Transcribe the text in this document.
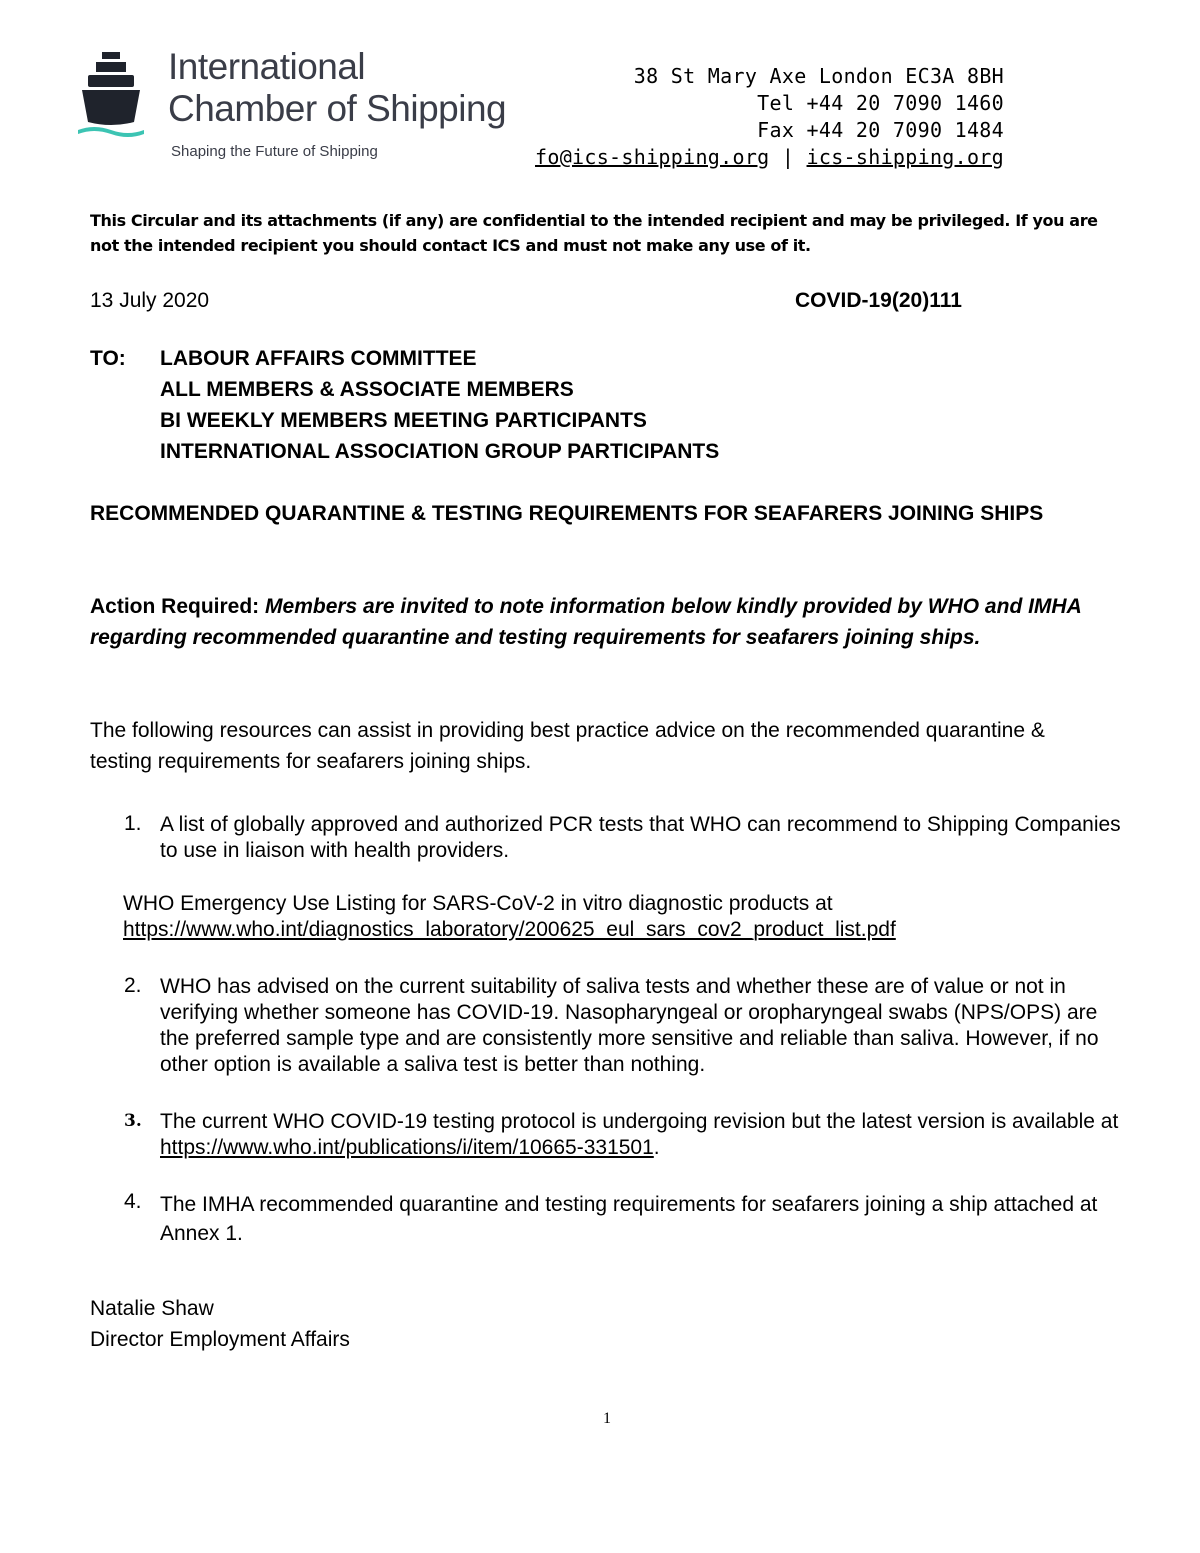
International
Chamber of Shipping
Shaping the Future of Shipping
38 St Mary Axe London EC3A 8BH
Tel +44 20 7090 1460
Fax +44 20 7090 1484
fo@ics-shipping.org | ics-shipping.org
This Circular and its attachments (if any) are confidential to the intended recipient and may be privileged. If you are not the intended recipient you should contact ICS and must not make any use of it.
13 July 2020	COVID-19(20)111
TO: LABOUR AFFAIRS COMMITTEE
ALL MEMBERS & ASSOCIATE MEMBERS
BI WEEKLY MEMBERS MEETING PARTICIPANTS
INTERNATIONAL ASSOCIATION GROUP PARTICIPANTS
RECOMMENDED QUARANTINE & TESTING REQUIREMENTS FOR SEAFARERS JOINING SHIPS
Action Required: Members are invited to note information below kindly provided by WHO and IMHA regarding recommended quarantine and testing requirements for seafarers joining ships.
The following resources can assist in providing best practice advice on the recommended quarantine & testing requirements for seafarers joining ships.
1. A list of globally approved and authorized PCR tests that WHO can recommend to Shipping Companies to use in liaison with health providers.
WHO Emergency Use Listing for SARS-CoV-2 in vitro diagnostic products at
https://www.who.int/diagnostics_laboratory/200625_eul_sars_cov2_product_list.pdf
2. WHO has advised on the current suitability of saliva tests and whether these are of value or not in verifying whether someone has COVID-19. Nasopharyngeal or oropharyngeal swabs (NPS/OPS) are the preferred sample type and are consistently more sensitive and reliable than saliva. However, if no other option is available a saliva test is better than nothing.
3. The current WHO COVID-19 testing protocol is undergoing revision but the latest version is available at https://www.who.int/publications/i/item/10665-331501.
4. The IMHA recommended quarantine and testing requirements for seafarers joining a ship attached at Annex 1.
Natalie Shaw
Director Employment Affairs
1
